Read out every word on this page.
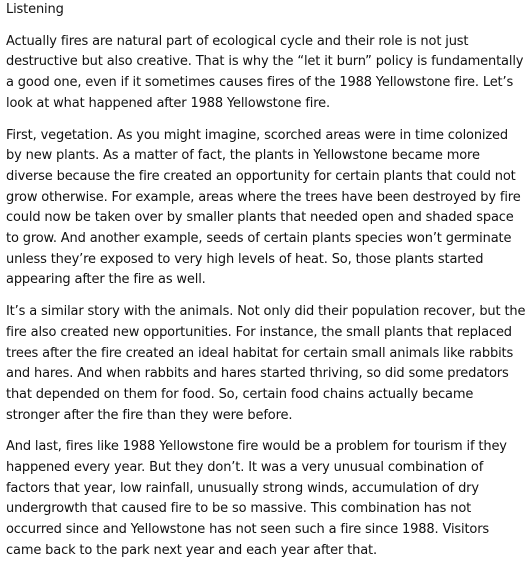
Listening
Actually fires are natural part of ecological cycle and their role is not just destructive but also creative. That is why the “let it burn” policy is fundamentally a good one, even if it sometimes causes fires of the 1988 Yellowstone fire. Let’s look at what happened after 1988 Yellowstone fire.
First, vegetation. As you might imagine, scorched areas were in time colonized by new plants. As a matter of fact, the plants in Yellowstone became more diverse because the fire created an opportunity for certain plants that could not grow otherwise. For example, areas where the trees have been destroyed by fire could now be taken over by smaller plants that needed open and shaded space to grow. And another example, seeds of certain plants species won’t germinate unless they’re exposed to very high levels of heat. So, those plants started appearing after the fire as well.
It’s a similar story with the animals. Not only did their population recover, but the fire also created new opportunities. For instance, the small plants that replaced trees after the fire created an ideal habitat for certain small animals like rabbits and hares. And when rabbits and hares started thriving, so did some predators that depended on them for food. So, certain food chains actually became stronger after the fire than they were before.
And last, fires like 1988 Yellowstone fire would be a problem for tourism if they happened every year. But they don’t. It was a very unusual combination of factors that year, low rainfall, unusually strong winds, accumulation of dry undergrowth that caused fire to be so massive. This combination has not occurred since and Yellowstone has not seen such a fire since 1988. Visitors came back to the park next year and each year after that.
